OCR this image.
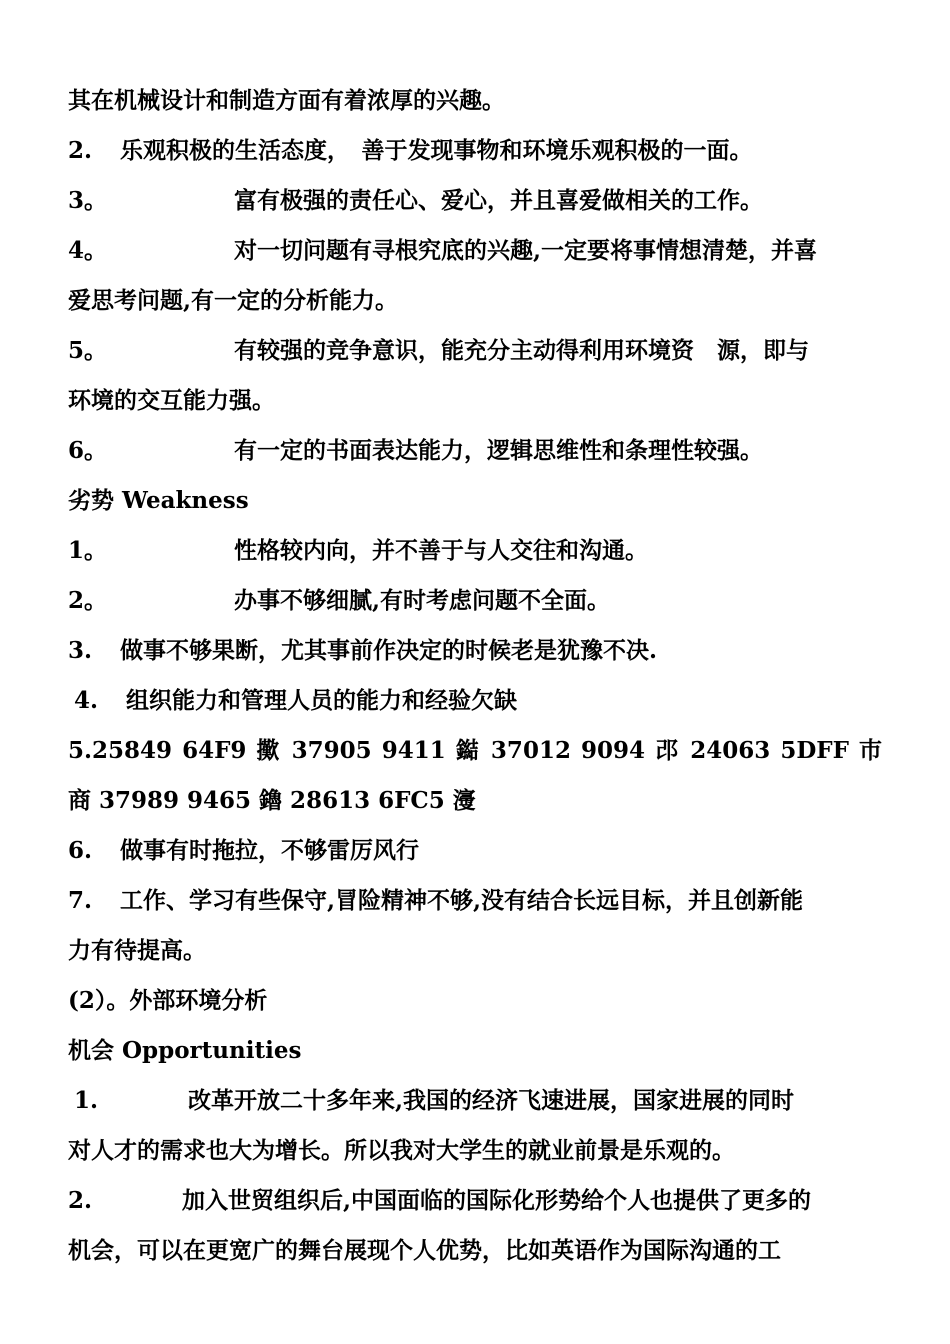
其在机械设计和制造方面有着浓厚的兴趣。
2. 乐观积极的生活态度，　善于发现事物和环境乐观积极的一面。
3。	富有极强的责任心、爱心，并且喜爱做相关的工作。
4。	对一切问题有寻根究底的兴趣,一定要将事情想清楚，并喜
爱思考问题,有一定的分析能力。
5。	有较强的竞争意识，能充分主动得利用环境资　源，即与
环境的交互能力强。
6。	有一定的书面表达能力，逻辑思维性和条理性较强。
劣势 Weakness
1。	性格较内向，并不善于与人交往和沟通。
2。	办事不够细腻,有时考虑问题不全面。
3. 做事不够果断，尤其事前作决定的时候老是犹豫不决.
4. 组织能力和管理人员的能力和经验欠缺
5.25849 64F9 擹 37905 9411 鐑 37012 9094 邔 24063 5DFF 巿
商 37989 9465 鑥 28613 6FC5 濅
6. 做事有时拖拉，不够雷厉风行
7. 工作、学习有些保守,冒险精神不够,没有结合长远目标，并且创新能
力有待提高。
(2）。外部环境分析
机会 Opportunities
1.	改革开放二十多年来,我国的经济飞速进展，国家进展的同时
对人才的需求也大为增长。所以我对大学生的就业前景是乐观的。
2.	加入世贸组织后,中国面临的国际化形势给个人也提供了更多的
机会，可以在更宽广的舞台展现个人优势，比如英语作为国际沟通的工
